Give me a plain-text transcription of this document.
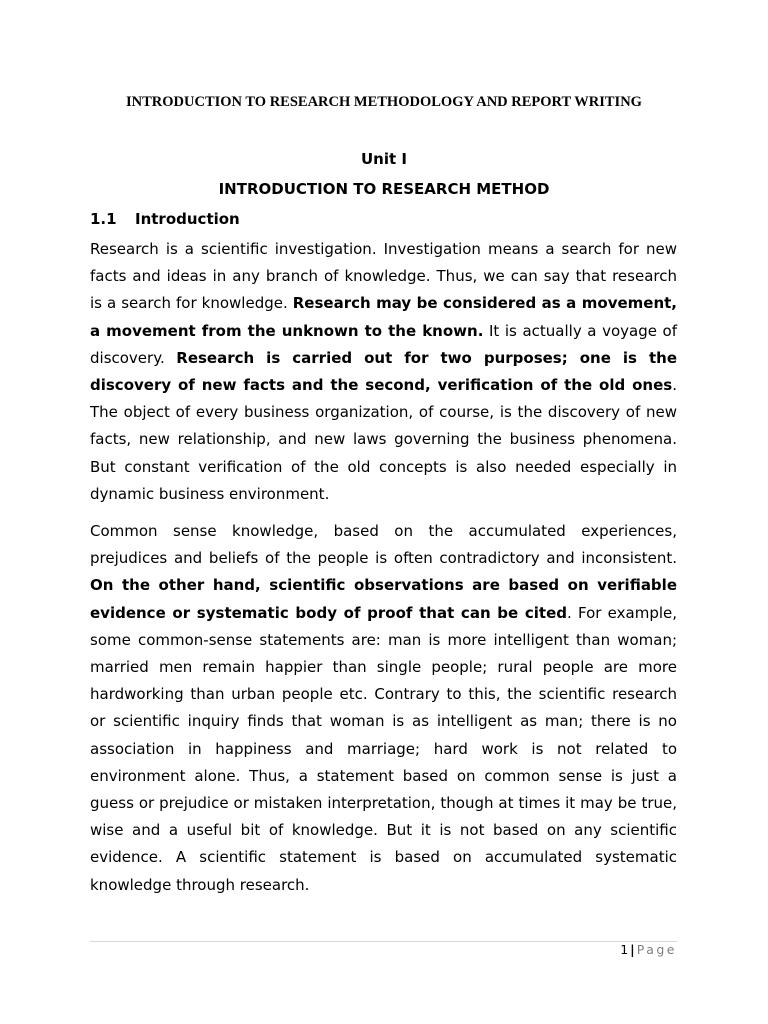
INTRODUCTION TO RESEARCH METHODOLOGY AND REPORT WRITING
Unit I
INTRODUCTION TO RESEARCH METHOD
1.1 Introduction

Research is a scientific investigation. Investigation means a search for new facts and ideas in any branch of knowledge. Thus, we can say that research is a search for knowledge. Research may be considered as a movement, a movement from the unknown to the known. It is actually a voyage of discovery. Research is carried out for two purposes; one is the discovery of new facts and the second, verification of the old ones. The object of every business organization, of course, is the discovery of new facts, new relationship, and new laws governing the business phenomena. But constant verification of the old concepts is also needed especially in dynamic business environment.

Common sense knowledge, based on the accumulated experiences, prejudices and beliefs of the people is often contradictory and inconsistent. On the other hand, scientific observations are based on verifiable evidence or systematic body of proof that can be cited. For example, some common-sense statements are: man is more intelligent than woman; married men remain happier than single people; rural people are more hardworking than urban people etc. Contrary to this, the scientific research or scientific inquiry finds that woman is as intelligent as man; there is no association in happiness and marriage; hard work is not related to environment alone. Thus, a statement based on common sense is just a guess or prejudice or mistaken interpretation, though at times it may be true, wise and a useful bit of knowledge. But it is not based on any scientific evidence. A scientific statement is based on accumulated systematic knowledge through research.

1 | Page
